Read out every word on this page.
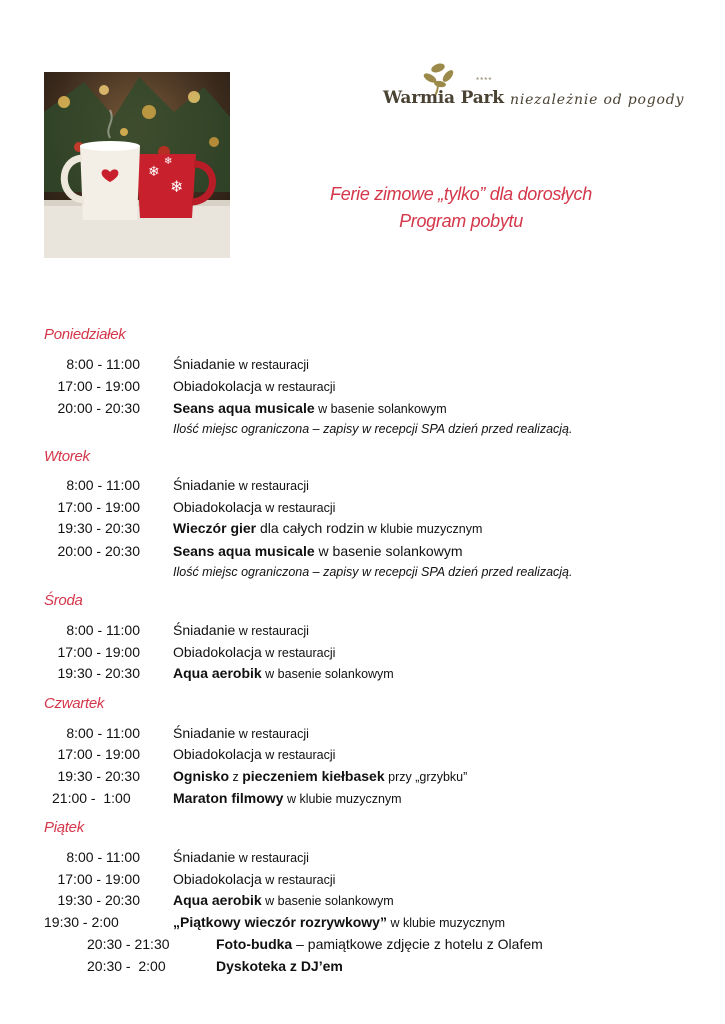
❄
❄
❄
****
Warmia Park niezależnie od pogody
Ferie zimowe „tylko” dla dorosłych
Program pobytu
Poniedziałek
8:00 - 11:00 Śniadanie w restauracji
17:00 - 19:00 Obiadokolacja w restauracji
20:00 - 20:30 Seans aqua musicale w basenie solankowym
Ilość miejsc ograniczona – zapisy w recepcji SPA dzień przed realizacją.
Wtorek
8:00 - 11:00 Śniadanie w restauracji
17:00 - 19:00 Obiadokolacja w restauracji
19:30 - 20:30 Wieczór gier dla całych rodzin w klubie muzycznym
20:00 - 20:30 Seans aqua musicale w basenie solankowym
Ilość miejsc ograniczona – zapisy w recepcji SPA dzień przed realizacją.
Środa
8:00 - 11:00 Śniadanie w restauracji
17:00 - 19:00 Obiadokolacja w restauracji
19:30 - 20:30 Aqua aerobik w basenie solankowym
Czwartek
8:00 - 11:00 Śniadanie w restauracji
17:00 - 19:00 Obiadokolacja w restauracji
19:30 - 20:30 Ognisko z pieczeniem kiełbasek przy „grzybku”
21:00 -  1:00	Maraton filmowy w klubie muzycznym
Piątek
8:00 - 11:00 Śniadanie w restauracji
17:00 - 19:00 Obiadokolacja w restauracji
19:30 - 20:30 Aqua aerobik w basenie solankowym
19:30 - 2:00	„Piątkowy wieczór rozrywkowy” w klubie muzycznym
20:30 - 21:30	Foto-budka – pamiątkowe zdjęcie z hotelu z Olafem
20:30 -  2:00	Dyskoteka z DJ’em
